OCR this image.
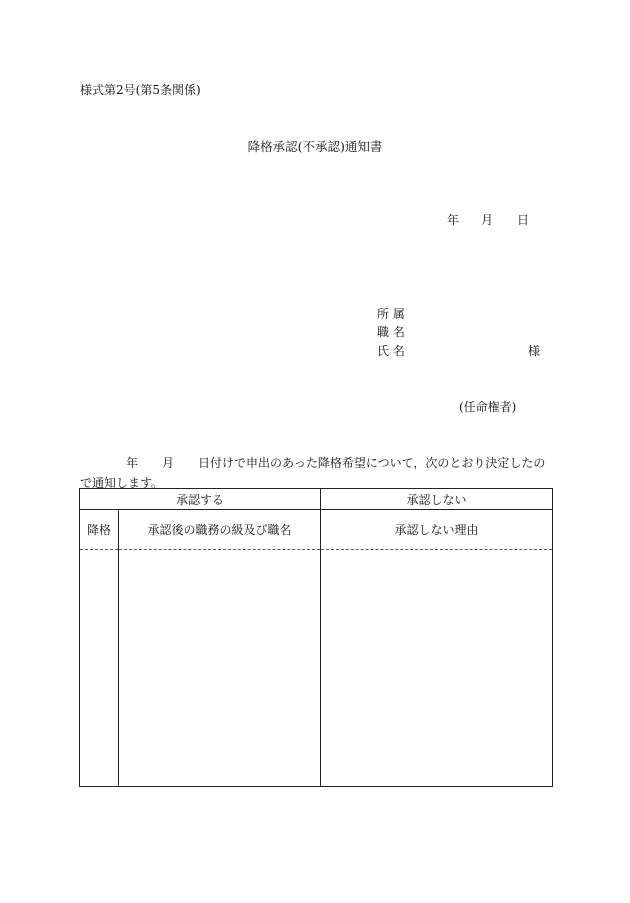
様式第2号(第5条関係)
降格承認(不承認)通知書
年 月 日
所 属
職 名
氏 名	様
(任命権者)
年 月 日付けで申出のあった降格希望について，次のとおり決定したので通知します。
承認する		承認しない
降格	承認後の職務の級及び職名	承認しない理由
